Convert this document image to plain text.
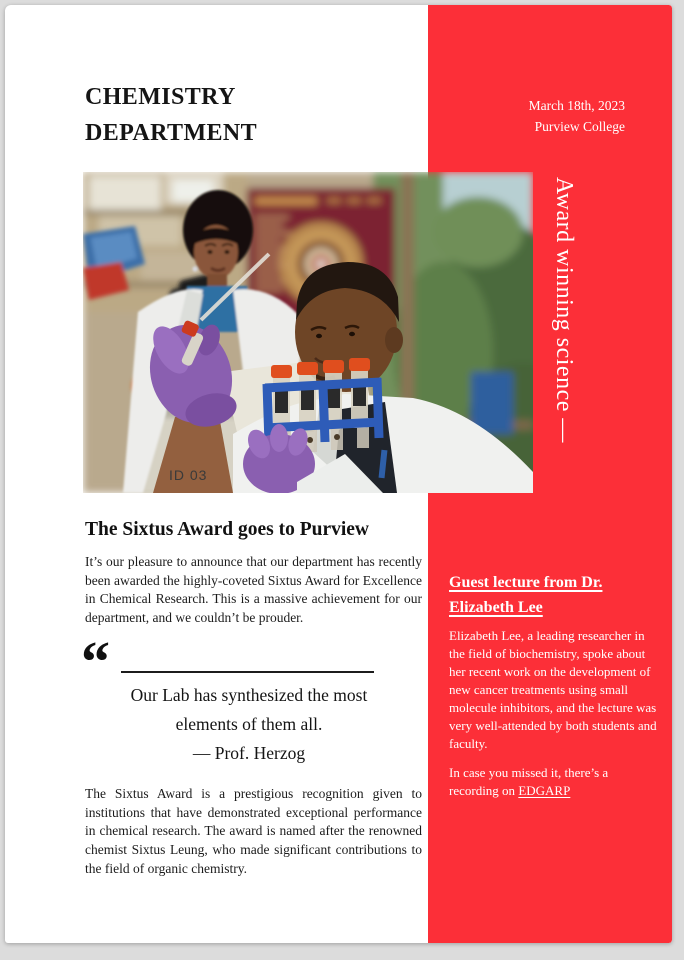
CHEMISTRY
DEPARTMENT
March 18th, 2023
Purview College
ID 03
Award winning science —
The Sixtus Award goes to Purview
It’s our pleasure to announce that our department has recently been awarded the highly-coveted Sixtus Award for Excellence in Chemical Research. This is a massive achievement for our department, and we couldn’t be prouder.
“
Our Lab has synthesized the most elements of them all.
— Prof. Herzog
The Sixtus Award is a prestigious recognition given to institutions that have demonstrated exceptional performance in chemical research. The award is named after the renowned chemist Sixtus Leung, who made significant contributions to the field of organic chemistry.
Guest lecture from Dr. Elizabeth Lee

Elizabeth Lee, a leading researcher in the field of biochemistry, spoke about her recent work on the development of new cancer treatments using small molecule inhibitors, and the lecture was very well-attended by both students and faculty.

In case you missed it, there’s a recording on EDGARP
